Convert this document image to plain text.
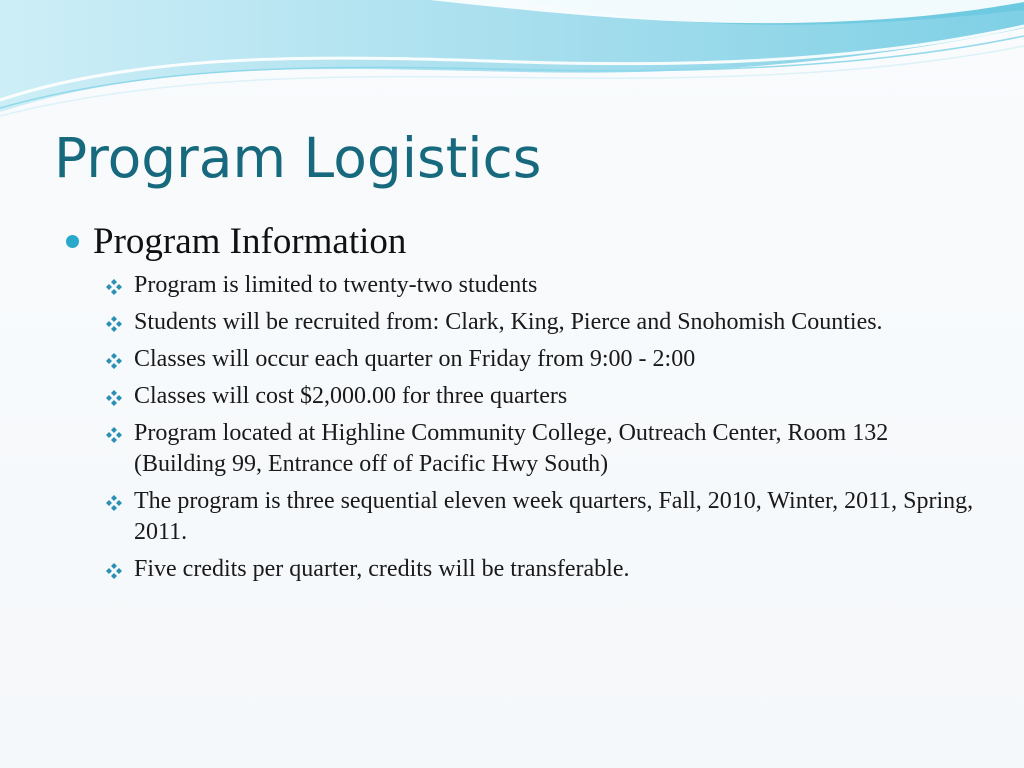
Program Logistics
Program Information
Program is limited to twenty-two students
Students will be recruited from: Clark, King, Pierce and Snohomish Counties.
Classes will occur each quarter on Friday from 9:00 - 2:00
Classes will cost $2,000.00 for three quarters
Program located at Highline Community College, Outreach Center, Room 132 (Building 99, Entrance off of Pacific Hwy South)
The program is three sequential eleven week quarters, Fall, 2010, Winter, 2011, Spring, 2011.
Five credits per quarter, credits will be transferable.
